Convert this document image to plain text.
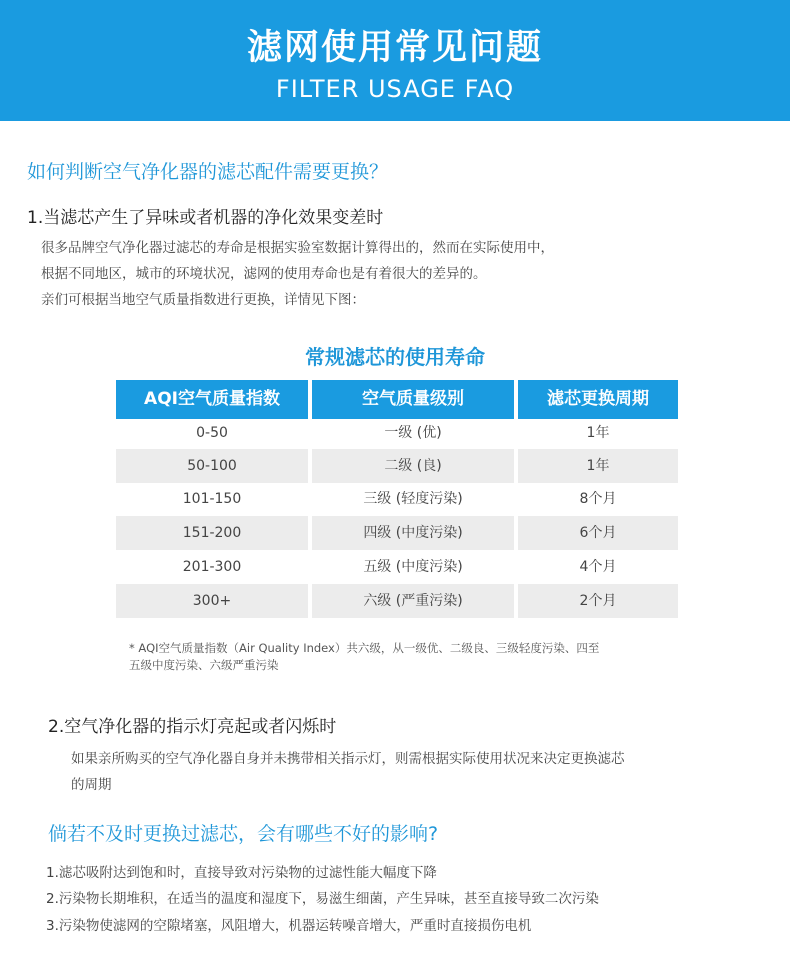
滤网使用常见问题
FILTER USAGE FAQ
如何判断空气净化器的滤芯配件需要更换？
1.当滤芯产生了异味或者机器的净化效果变差时
很多品牌空气净化器过滤芯的寿命是根据实验室数据计算得出的，然而在实际使用中，
根据不同地区，城市的环境状况，滤网的使用寿命也是有着很大的差异的。
亲们可根据当地空气质量指数进行更换，详情见下图：
常规滤芯的使用寿命
AQI空气质量指数	空气质量级别	滤芯更换周期
0-50	一级 (优)	1年
50-100	二级 (良)	1年
101-150	三级 (轻度污染)	8个月
151-200	四级 (中度污染)	6个月
201-300	五级 (中度污染)	4个月
300+	六级 (严重污染)	2个月
* AQI空气质量指数（Air Quality Index）共六级，从一级优、二级良、三级轻度污染、四至
五级中度污染、六级严重污染
2.空气净化器的指示灯亮起或者闪烁时
如果亲所购买的空气净化器自身并未携带相关指示灯，则需根据实际使用状况来决定更换滤芯
的周期
倘若不及时更换过滤芯，会有哪些不好的影响?
1.滤芯吸附达到饱和时，直接导致对污染物的过滤性能大幅度下降
2.污染物长期堆积，在适当的温度和湿度下，易滋生细菌，产生异味，甚至直接导致二次污染
3.污染物使滤网的空隙堵塞，风阻增大，机器运转噪音增大，严重时直接损伤电机
